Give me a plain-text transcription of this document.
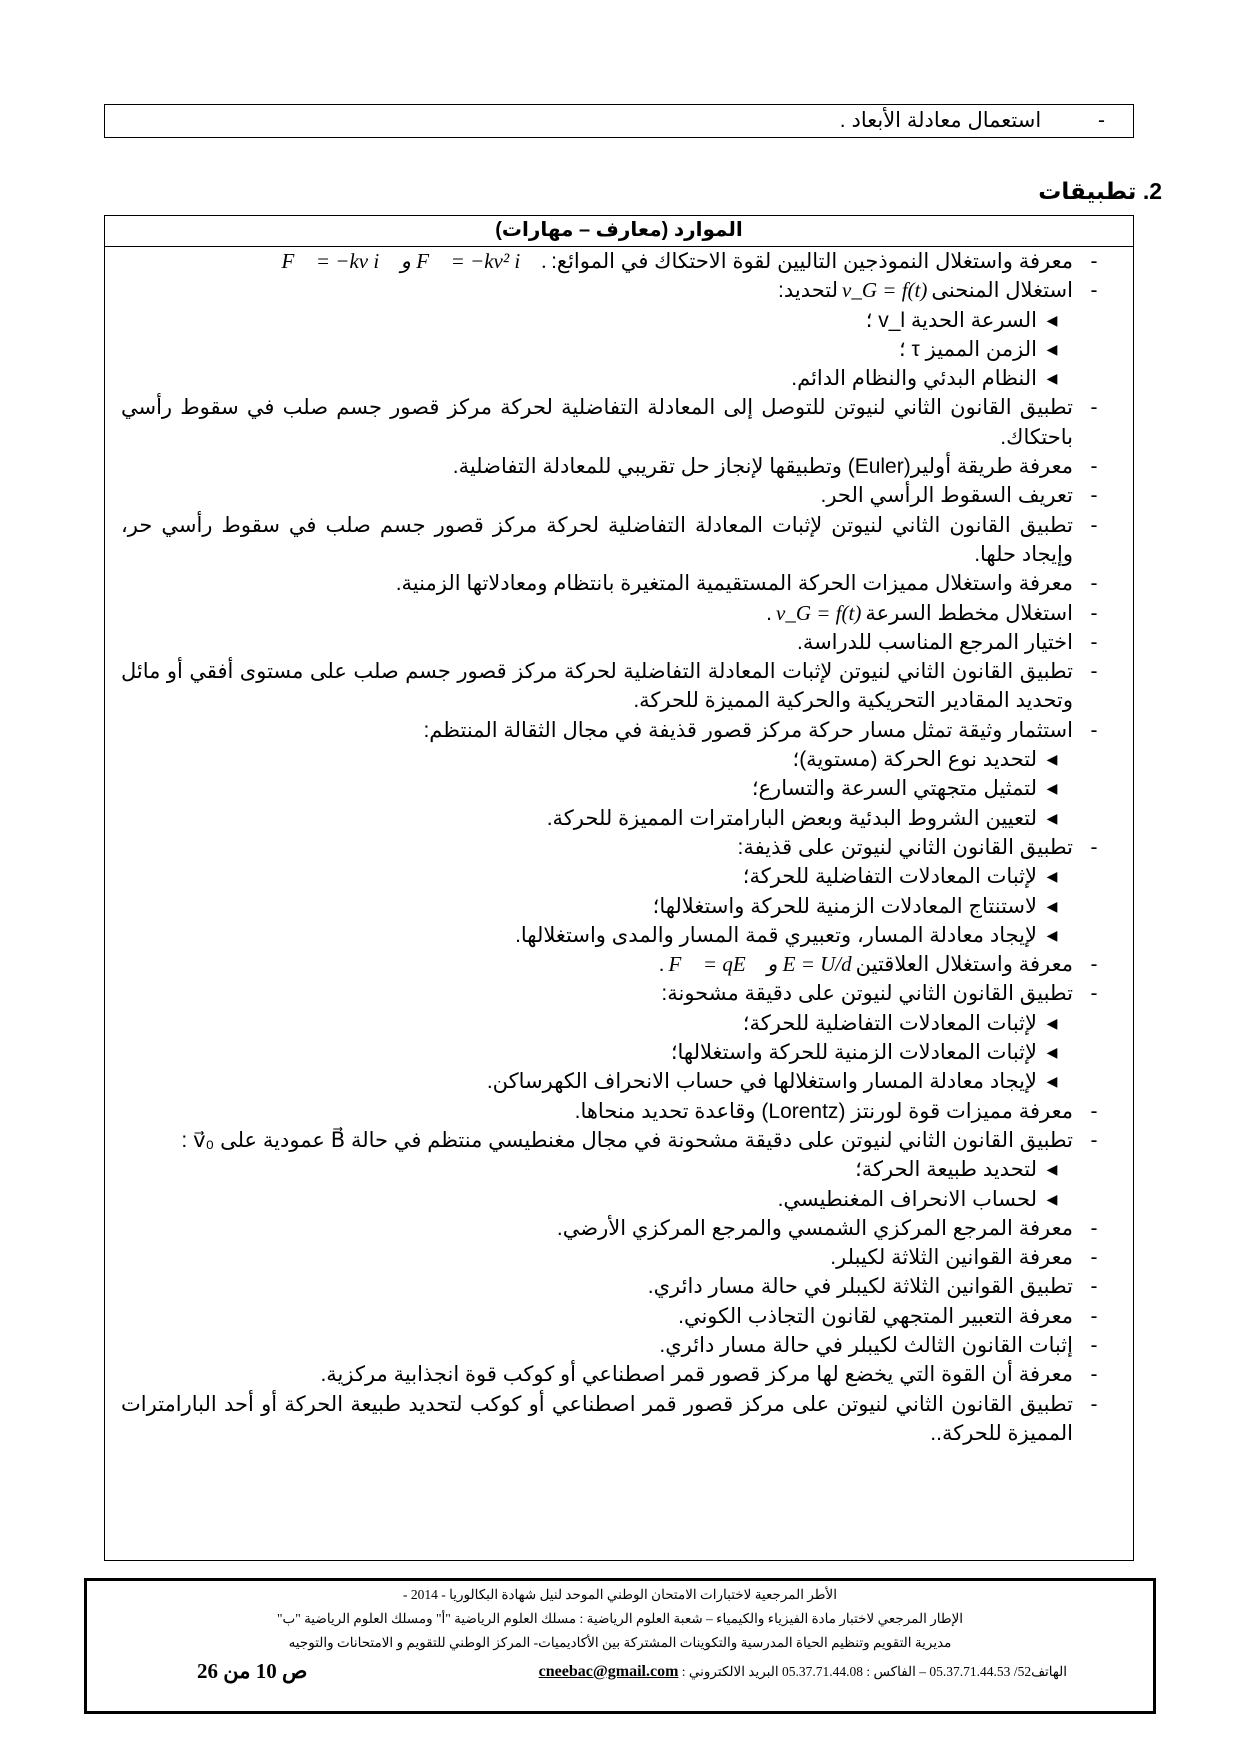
- استعمال معادلة الأبعاد .
2. تطبيقات
الموارد (معارف – مهارات)
-
معرفة واستغلال النموذجين التاليين لقوة الاحتكاك في الموائع:F⃗ = −kv i⃗ و F⃗ = −kv² i⃗ .
-
استغلال المنحنىv_G = f(t)لتحديد:
◀
السرعة الحدية v_l ؛
◀
الزمن المميز τ ؛
◀
النظام البدئي والنظام الدائم.
-
تطبيق القانون الثاني لنيوتن للتوصل إلى المعادلة التفاضلية لحركة مركز قصور جسم صلب في سقوط رأسي باحتكاك.
-
معرفة طريقة أولير(Euler) وتطبيقها لإنجاز حل تقريبي للمعادلة التفاضلية.
-
تعريف السقوط الرأسي الحر.
-
تطبيق القانون الثاني لنيوتن لإثبات المعادلة التفاضلية لحركة مركز قصور جسم صلب في سقوط رأسي حر، وإيجاد حلها.
-
معرفة واستغلال مميزات الحركة المستقيمية المتغيرة بانتظام ومعادلاتها الزمنية.
-
استغلال مخطط السرعةv_G = f(t).
-
اختيار المرجع المناسب للدراسة.
-
تطبيق القانون الثاني لنيوتن لإثبات المعادلة التفاضلية لحركة مركز قصور جسم صلب على مستوى أفقي أو مائل وتحديد المقادير التحريكية والحركية المميزة للحركة.
-
استثمار وثيقة تمثل مسار حركة مركز قصور قذيفة في مجال الثقالة المنتظم:
◀
لتحديد نوع الحركة (مستوية)؛
◀
لتمثيل متجهتي السرعة والتسارع؛
◀
لتعيين الشروط البدئية وبعض البارامترات المميزة للحركة.
-
تطبيق القانون الثاني لنيوتن على قذيفة:
◀
لإثبات المعادلات التفاضلية للحركة؛
◀
لاستنتاج المعادلات الزمنية للحركة واستغلالها؛
◀
لإيجاد معادلة المسار، وتعبيري قمة المسار والمدى واستغلالها.
-
معرفة واستغلال العلاقتينF⃗ = qE⃗ و E = U/d.
-
تطبيق القانون الثاني لنيوتن على دقيقة مشحونة:
◀
لإثبات المعادلات التفاضلية للحركة؛
◀
لإثبات المعادلات الزمنية للحركة واستغلالها؛
◀
لإيجاد معادلة المسار واستغلالها في حساب الانحراف الكهرساكن.
-
معرفة مميزات قوة لورنتز (Lorentz) وقاعدة تحديد منحاها.
-
تطبيق القانون الثاني لنيوتن على دقيقة مشحونة في مجال مغنطيسي منتظم في حالة B⃗ عمودية على v⃗₀ :
◀
لتحديد طبيعة الحركة؛
◀
لحساب الانحراف المغنطيسي.
-
معرفة المرجع المركزي الشمسي والمرجع المركزي الأرضي.
-
معرفة القوانين الثلاثة لكيبلر.
-
تطبيق القوانين الثلاثة لكيبلر في حالة مسار دائري.
-
معرفة التعبير المتجهي لقانون التجاذب الكوني.
-
إثبات القانون الثالث لكيبلر في حالة مسار دائري.
-
معرفة أن القوة التي يخضع لها مركز قصور قمر اصطناعي أو كوكب قوة انجذابية مركزية.
-
تطبيق القانون الثاني لنيوتن على مركز قصور قمر اصطناعي أو كوكب لتحديد طبيعة الحركة أو أحد البارامترات المميزة للحركة..
الأطر المرجعية لاختبارات الامتحان الوطني الموحد لنيل شهادة البكالوريا - 2014 -
الإطار المرجعي لاختبار مادة الفيزياء والكيمياء – شعبة العلوم الرياضية : مسلك العلوم الرياضية "أ" ومسلك العلوم الرياضية "ب"
مديرية التقويم وتنظيم الحياة المدرسية والتكوينات المشتركة بين الأكاديميات- المركز الوطني للتقويم و الامتحانات والتوجيه
الهاتف52/ 05.37.71.44.53 – الفاكس : 05.37.71.44.08 البريد الالكتروني : cneebac@gmail.com
ص 10 من 26
